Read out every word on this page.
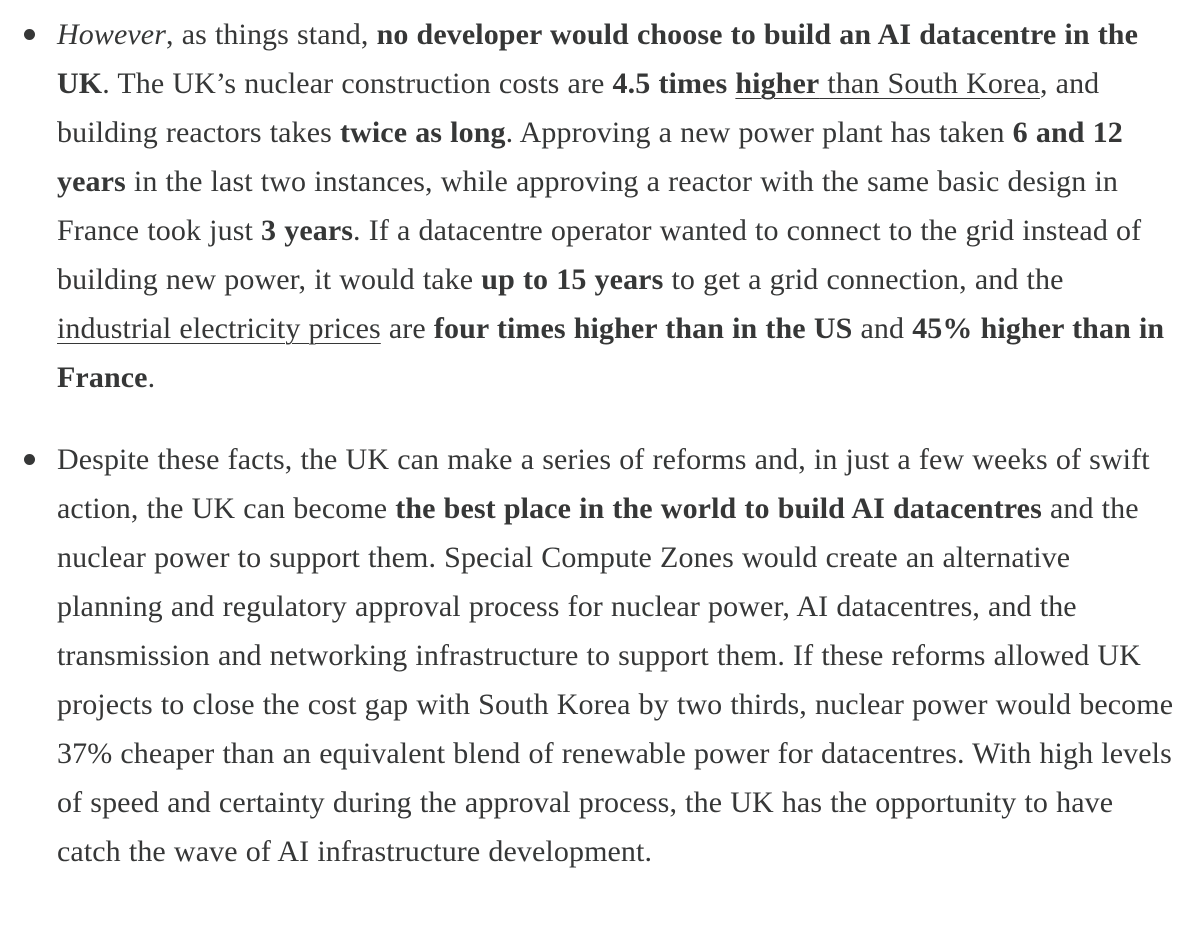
However, as things stand, no developer would choose to build an AI datacentre in the UK. The UK’s nuclear construction costs are 4.5 times higher than South Korea, and building reactors takes twice as long. Approving a new power plant has taken 6 and 12 years in the last two instances, while approving a reactor with the same basic design in France took just 3 years. If a datacentre operator wanted to connect to the grid instead of building new power, it would take up to 15 years to get a grid connection, and the industrial electricity prices are four times higher than in the US and 45% higher than in France.
Despite these facts, the UK can make a series of reforms and, in just a few weeks of swift action, the UK can become the best place in the world to build AI datacentres and the nuclear power to support them. Special Compute Zones would create an alternative planning and regulatory approval process for nuclear power, AI datacentres, and the transmission and networking infrastructure to support them. If these reforms allowed UK projects to close the cost gap with South Korea by two thirds, nuclear power would become 37% cheaper than an equivalent blend of renewable power for datacentres. With high levels of speed and certainty during the approval process, the UK has the opportunity to have catch the wave of AI infrastructure development.
